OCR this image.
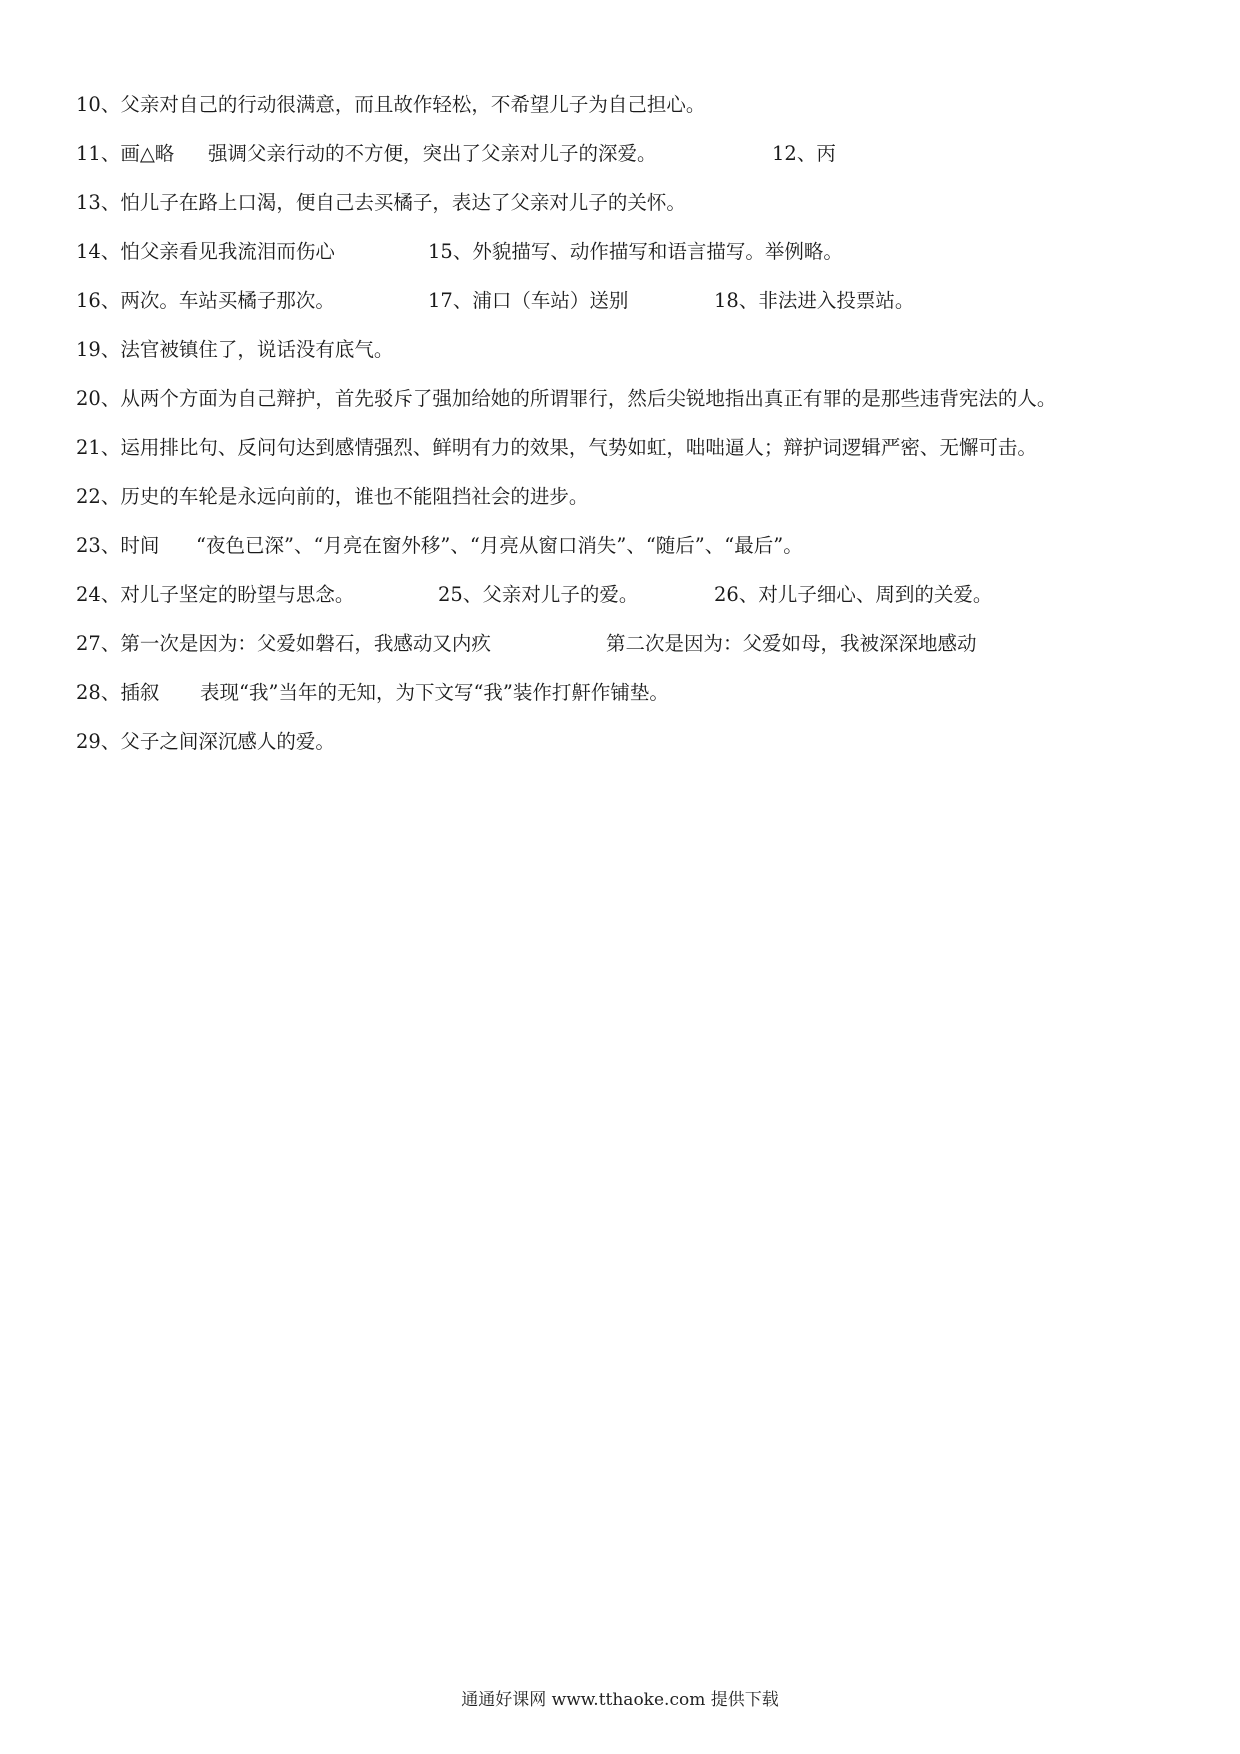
10、父亲对自己的行动很满意，而且故作轻松，不希望儿子为自己担心。
11、画△略 强调父亲行动的不方便，突出了父亲对儿子的深爱。	12、丙
13、怕儿子在路上口渴，便自己去买橘子，表达了父亲对儿子的关怀。
14、怕父亲看见我流泪而伤心	15、外貌描写、动作描写和语言描写。举例略。
16、两次。车站买橘子那次。	17、浦口（车站）送别	18、非法进入投票站。
19、法官被镇住了，说话没有底气。
20、从两个方面为自己辩护，首先驳斥了强加给她的所谓罪行，然后尖锐地指出真正有罪的是那些违背宪法的人。
21、运用排比句、反问句达到感情强烈、鲜明有力的效果，气势如虹，咄咄逼人；辩护词逻辑严密、无懈可击。
22、历史的车轮是永远向前的，谁也不能阻挡社会的进步。
23、时间 “夜色已深”、“月亮在窗外移”、“月亮从窗口消失”、“随后”、“最后”。
24、对儿子坚定的盼望与思念。	25、父亲对儿子的爱。	26、对儿子细心、周到的关爱。
27、第一次是因为：父爱如磐石，我感动又内疚	第二次是因为：父爱如母，我被深深地感动
28、插叙 表现“我”当年的无知，为下文写“我”装作打鼾作铺垫。
29、父子之间深沉感人的爱。
通通好课网 www.tthaoke.com 提供下载
